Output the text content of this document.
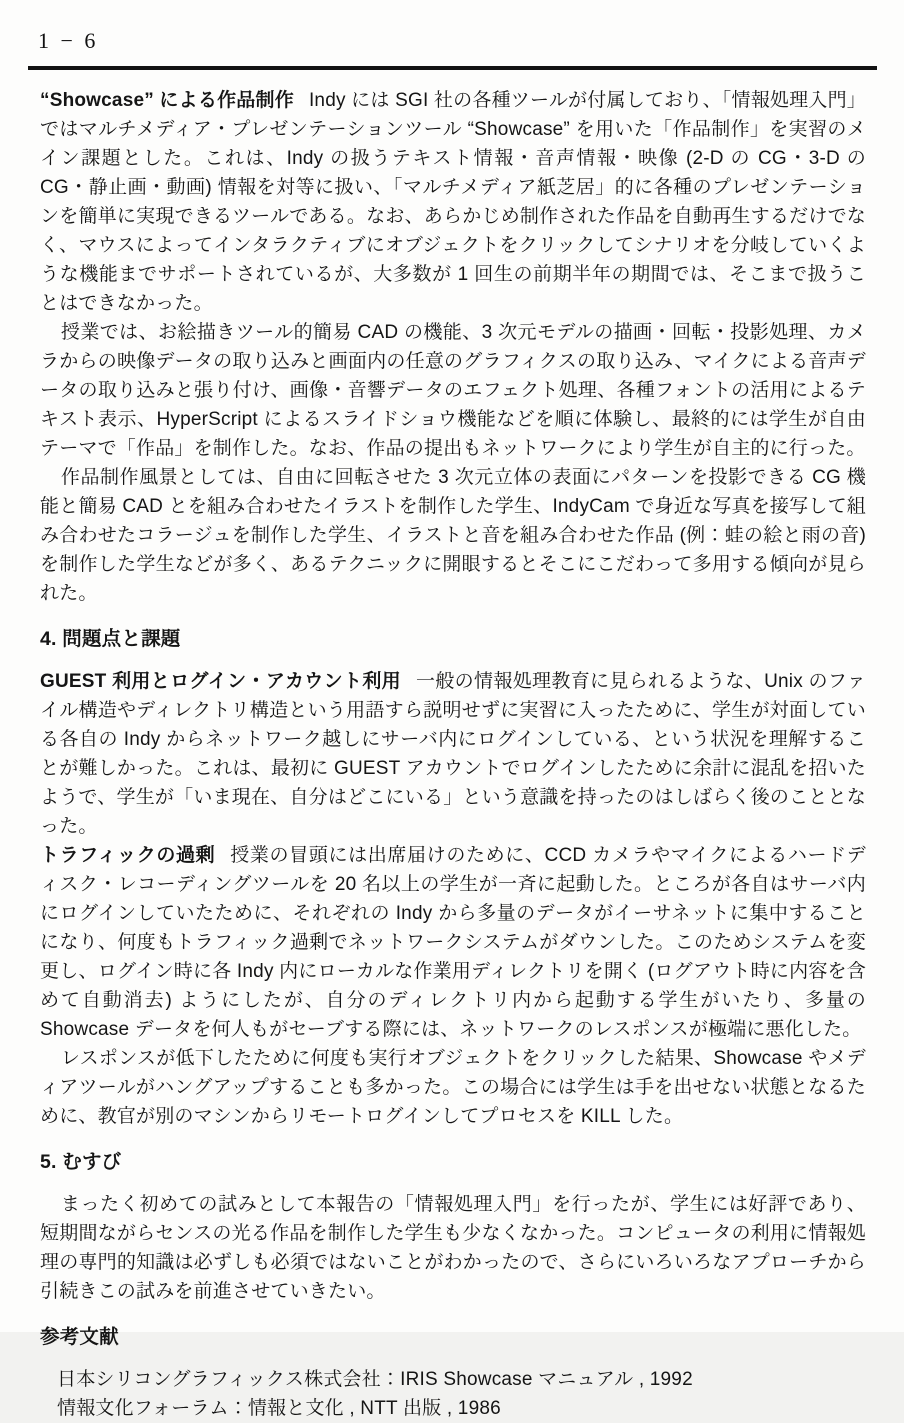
1 − 6

“Showcase” による作品制作 Indy には SGI 社の各種ツールが付属しており、「情報処理入門」ではマルチメディア・プレゼンテーションツール “Showcase” を用いた「作品制作」を実習のメイン課題とした。これは、Indy の扱うテキスト情報・音声情報・映像 (2-D の CG・3-D の CG・静止画・動画) 情報を対等に扱い、「マルチメディア紙芝居」的に各種のプレゼンテーションを簡単に実現できるツールである。なお、あらかじめ制作された作品を自動再生するだけでなく、マウスによってインタラクティブにオブジェクトをクリックしてシナリオを分岐していくような機能までサポートされているが、大多数が 1 回生の前期半年の期間では、そこまで扱うことはできなかった。

授業では、お絵描きツール的簡易 CAD の機能、3 次元モデルの描画・回転・投影処理、カメラからの映像データの取り込みと画面内の任意のグラフィクスの取り込み、マイクによる音声データの取り込みと張り付け、画像・音響データのエフェクト処理、各種フォントの活用によるテキスト表示、HyperScript によるスライドショウ機能などを順に体験し、最終的には学生が自由テーマで「作品」を制作した。なお、作品の提出もネットワークにより学生が自主的に行った。

作品制作風景としては、自由に回転させた 3 次元立体の表面にパターンを投影できる CG 機能と簡易 CAD とを組み合わせたイラストを制作した学生、IndyCam で身近な写真を接写して組み合わせたコラージュを制作した学生、イラストと音を組み合わせた作品 (例：蛙の絵と雨の音) を制作した学生などが多く、あるテクニックに開眼するとそこにこだわって多用する傾向が見られた。

4. 問題点と課題

GUEST 利用とログイン・アカウント利用 一般の情報処理教育に見られるような、Unix のファイル構造やディレクトリ構造という用語すら説明せずに実習に入ったために、学生が対面している各自の Indy からネットワーク越しにサーバ内にログインしている、という状況を理解することが難しかった。これは、最初に GUEST アカウントでログインしたために余計に混乱を招いたようで、学生が「いま現在、自分はどこにいる」という意識を持ったのはしばらく後のこととなった。

トラフィックの過剰 授業の冒頭には出席届けのために、CCD カメラやマイクによるハードディスク・レコーディングツールを 20 名以上の学生が一斉に起動した。ところが各自はサーバ内にログインしていたために、それぞれの Indy から多量のデータがイーサネットに集中することになり、何度もトラフィック過剰でネットワークシステムがダウンした。このためシステムを変更し、ログイン時に各 Indy 内にローカルな作業用ディレクトリを開く (ログアウト時に内容を含めて自動消去) ようにしたが、自分のディレクトリ内から起動する学生がいたり、多量の Showcase データを何人もがセーブする際には、ネットワークのレスポンスが極端に悪化した。

レスポンスが低下したために何度も実行オブジェクトをクリックした結果、Showcase やメディアツールがハングアップすることも多かった。この場合には学生は手を出せない状態となるために、教官が別のマシンからリモートログインしてプロセスを KILL した。

5. むすび

まったく初めての試みとして本報告の「情報処理入門」を行ったが、学生には好評であり、短期間ながらセンスの光る作品を制作した学生も少なくなかった。コンピュータの利用に情報処理の専門的知識は必ずしも必須ではないことがわかったので、さらにいろいろなアプローチから引続きこの試みを前進させていきたい。

参考文献

日本シリコングラフィックス株式会社：IRIS Showcase マニュアル , 1992

情報文化フォーラム：情報と文化 , NTT 出版 , 1986
